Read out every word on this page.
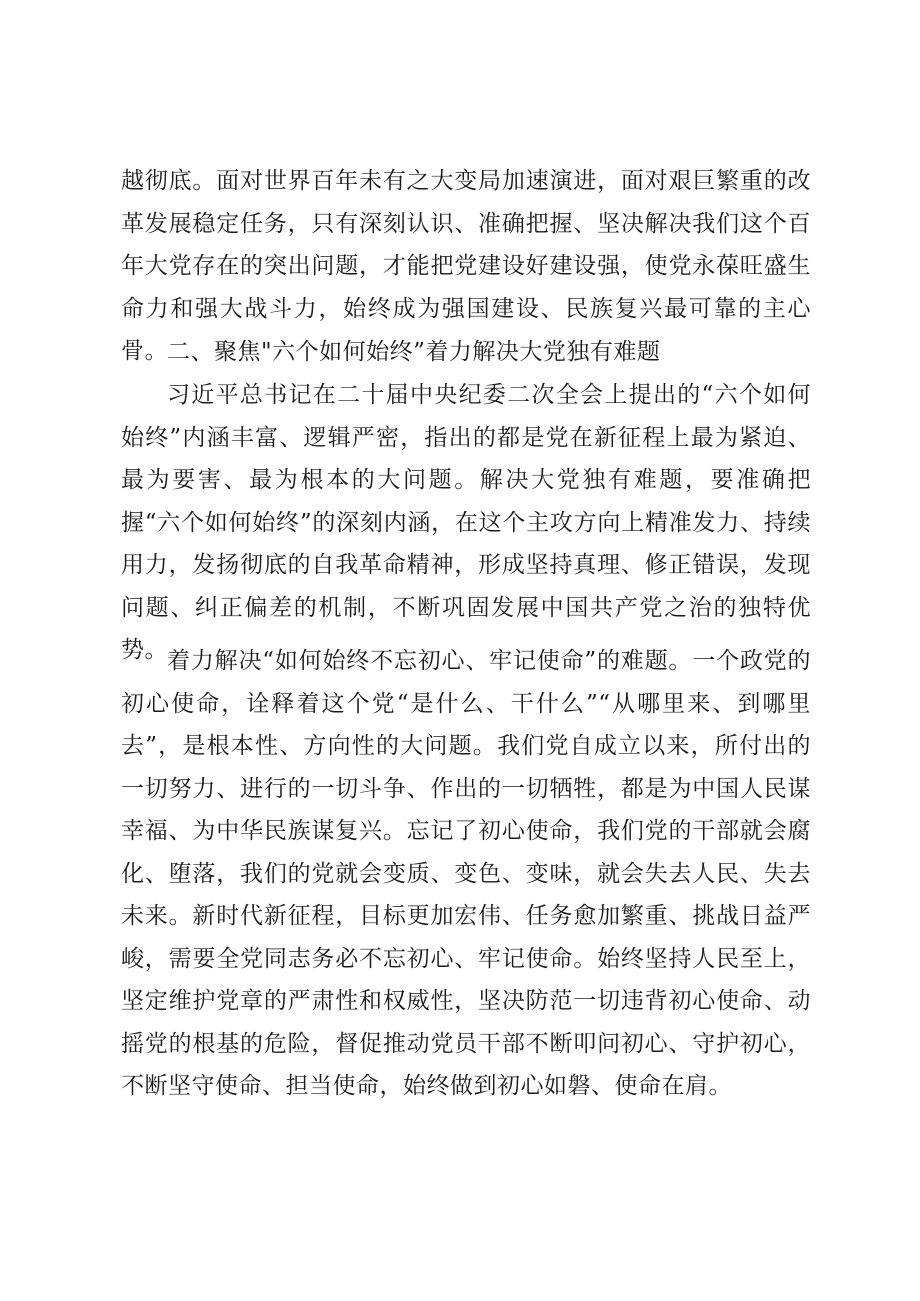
越彻底。面对世界百年未有之大变局加速演进，面对艰巨繁重的改革发展稳定任务，只有深刻认识、准确把握、坚决解决我们这个百年大党存在的突出问题，才能把党建设好建设强，使党永葆旺盛生命力和强大战斗力，始终成为强国建设、民族复兴最可靠的主心骨。 二、聚焦"六个如何始终”着力解决大党独有难题

习近平总书记在二十届中央纪委二次全会上提出的“六个如何始终”内涵丰富、逻辑严密，指出的都是党在新征程上最为紧迫、最为要害、最为根本的大问题。解决大党独有难题，要准确把握“六个如何始终”的深刻内涵，在这个主攻方向上精准发力、持续用力，发扬彻底的自我革命精神，形成坚持真理、修正错误，发现问题、纠正偏差的机制，不断巩固发展中国共产党之治的独特优势。 着力解决“如何始终不忘初心、牢记使命”的难题。一个政党的初心使命，诠释着这个党“是什么、干什么”“从哪里来、到哪里去”，是根本性、方向性的大问题。我们党自成立以来，所付出的一切努力、进行的一切斗争、作出的一切牺牲，都是为中国人民谋幸福、为中华民族谋复兴。忘记了初心使命，我们党的干部就会腐化、堕落，我们的党就会变质、变色、变味，就会失去人民、失去未来。新时代新征程，目标更加宏伟、任务愈加繁重、挑战日益严峻，需要全党同志务必不忘初心、牢记使命。始终坚持人民至上，坚定维护党章的严肃性和权威性，坚决防范一切违背初心使命、动摇党的根基的危险，督促推动党员干部不断叩问初心、守护初心，不断坚守使命、担当使命，始终做到初心如磐、使命在肩。
